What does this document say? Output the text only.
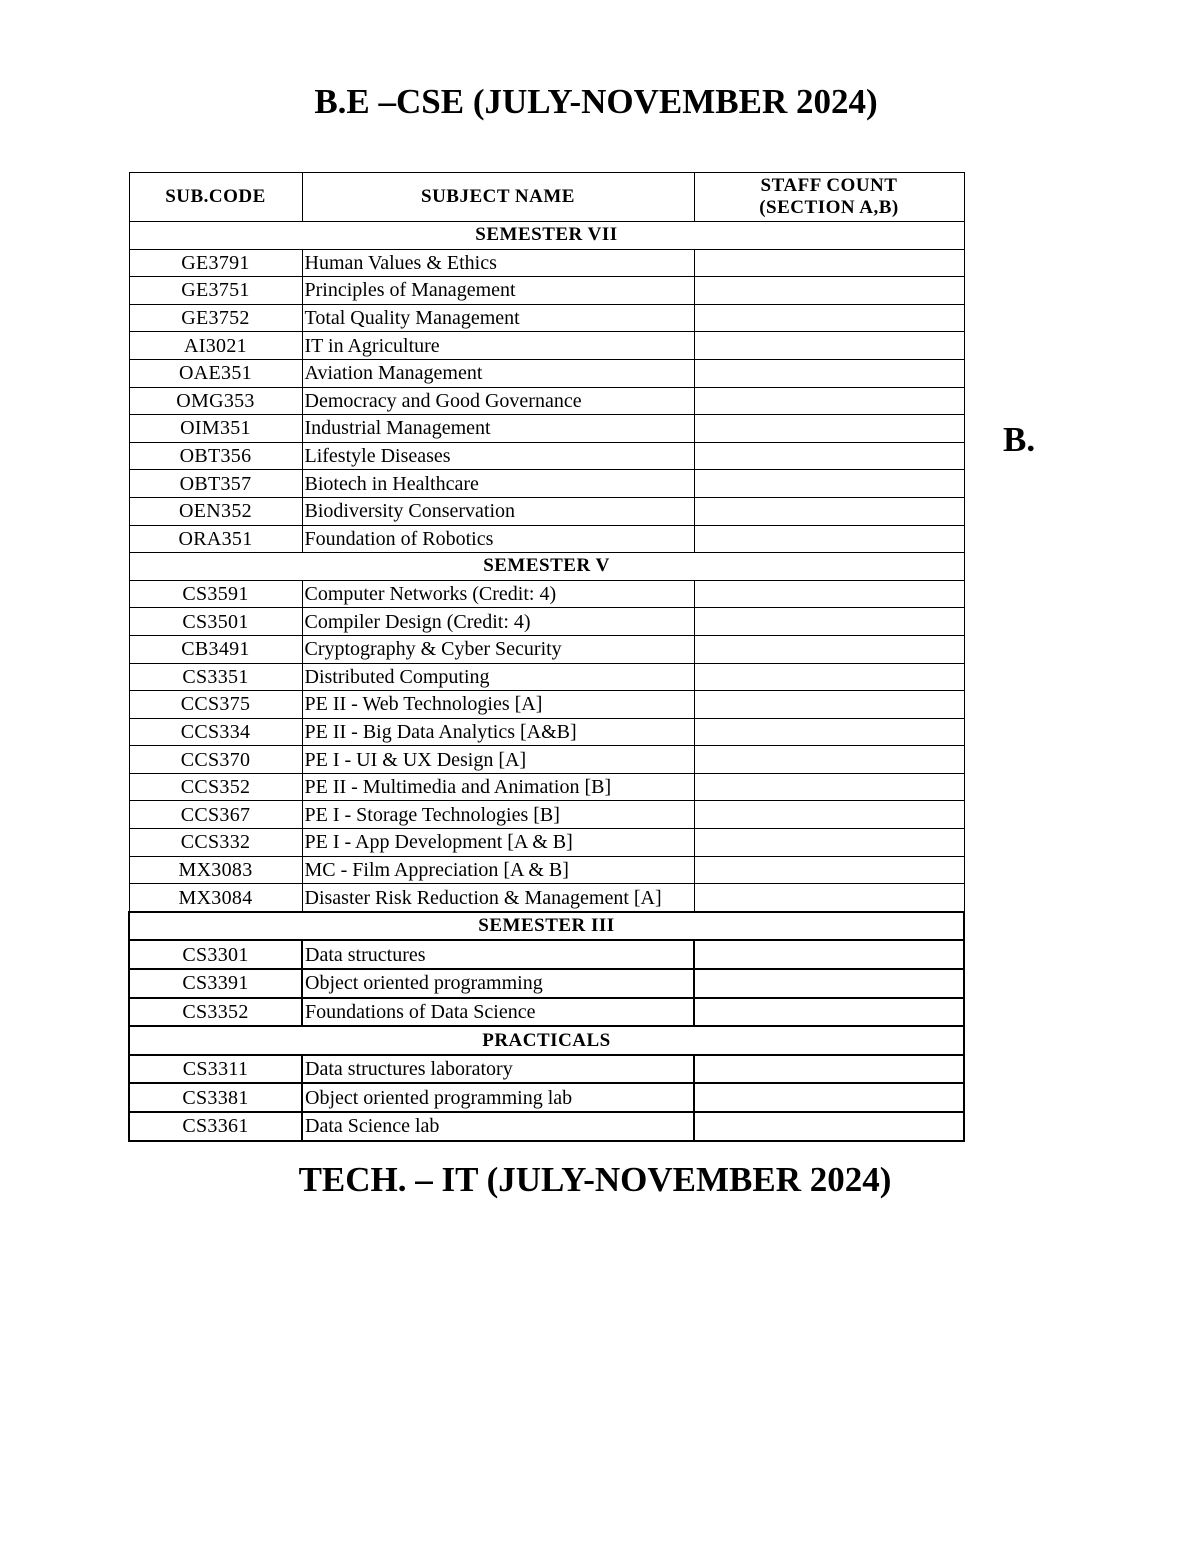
B.E –CSE (JULY-NOVEMBER 2024)
B.
SUB.CODE	SUBJECT NAME	STAFF COUNT
(SECTION A,B)

SEMESTER VII		
GE3791	Human Values & Ethics	
GE3751	Principles of Management	
GE3752	Total Quality Management	
AI3021	IT in Agriculture	
OAE351	Aviation Management	
OMG353	Democracy and Good Governance	
OIM351	Industrial Management	
OBT356	Lifestyle Diseases	
OBT357	Biotech in Healthcare	
OEN352	Biodiversity Conservation	
ORA351	Foundation of Robotics	
SEMESTER V		
CS3591	Computer Networks (Credit: 4)	
CS3501	Compiler Design (Credit: 4)	
CB3491	Cryptography & Cyber Security	
CS3351	Distributed Computing	
CCS375	PE II - Web Technologies [A]	
CCS334	PE II - Big Data Analytics [A&B]	
CCS370	PE I - UI & UX Design [A]	
CCS352	PE II - Multimedia and Animation [B]	
CCS367	PE I - Storage Technologies [B]	
CCS332	PE I - App Development [A & B]	
MX3083	MC - Film Appreciation [A & B]	
MX3084	Disaster Risk Reduction & Management [A]	
SEMESTER III		
CS3301	Data structures	
CS3391	Object oriented programming	
CS3352	Foundations of Data Science	
PRACTICALS		
CS3311	Data structures laboratory	
CS3381	Object oriented programming lab	
CS3361	Data Science lab	
TECH. – IT (JULY-NOVEMBER 2024)
